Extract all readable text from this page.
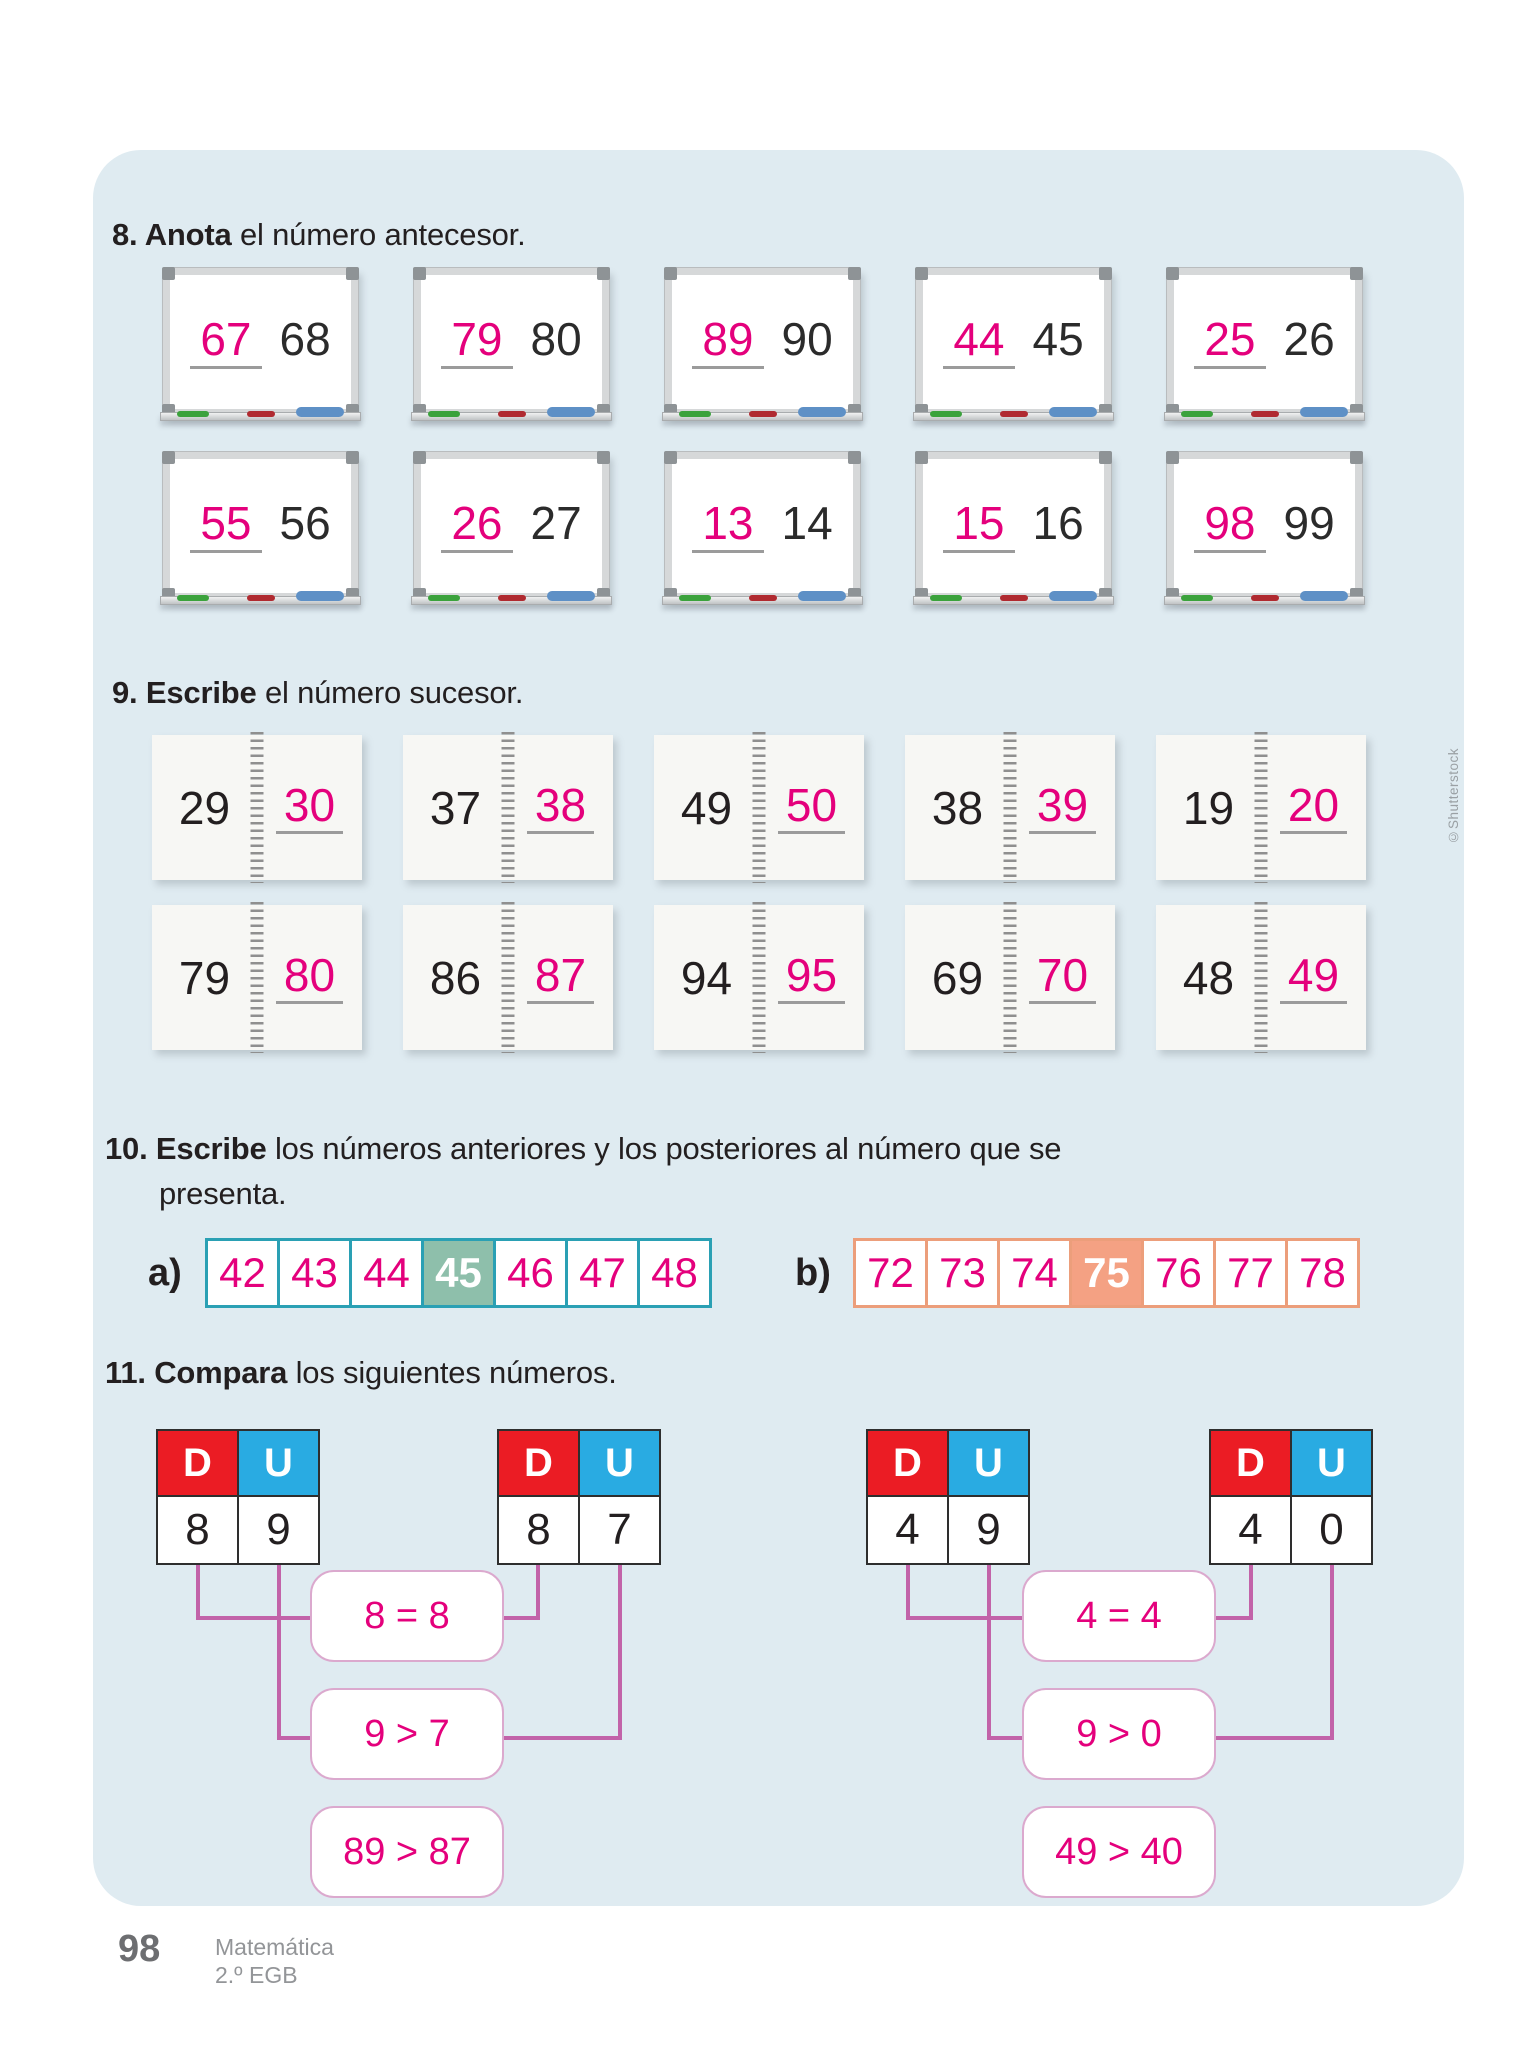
8. Anota el número antecesor.
67 68	79 80	89 90	44 45	25 26
55 56	26 27	13 14	15 16	98 99
9. Escribe el número sucesor.
29	30	37	38	49	50	38	39	19	20
79	80	86	87	94	95	69	70	48	49
©Shutterstock
10. Escribe los números anteriores y los posteriores al número que se
presenta.
a) 42 43 44 45 46 47 48	b) 72 73 74 75 76 77 78
11. Compara los siguientes números.
D	U
8	9
D	U
8	7
D	U
4	9
D	U
4	0
8 = 8
9 > 7
89 > 87
4 = 4
9 > 0
49 > 40
98 Matemática
2.º EGB
